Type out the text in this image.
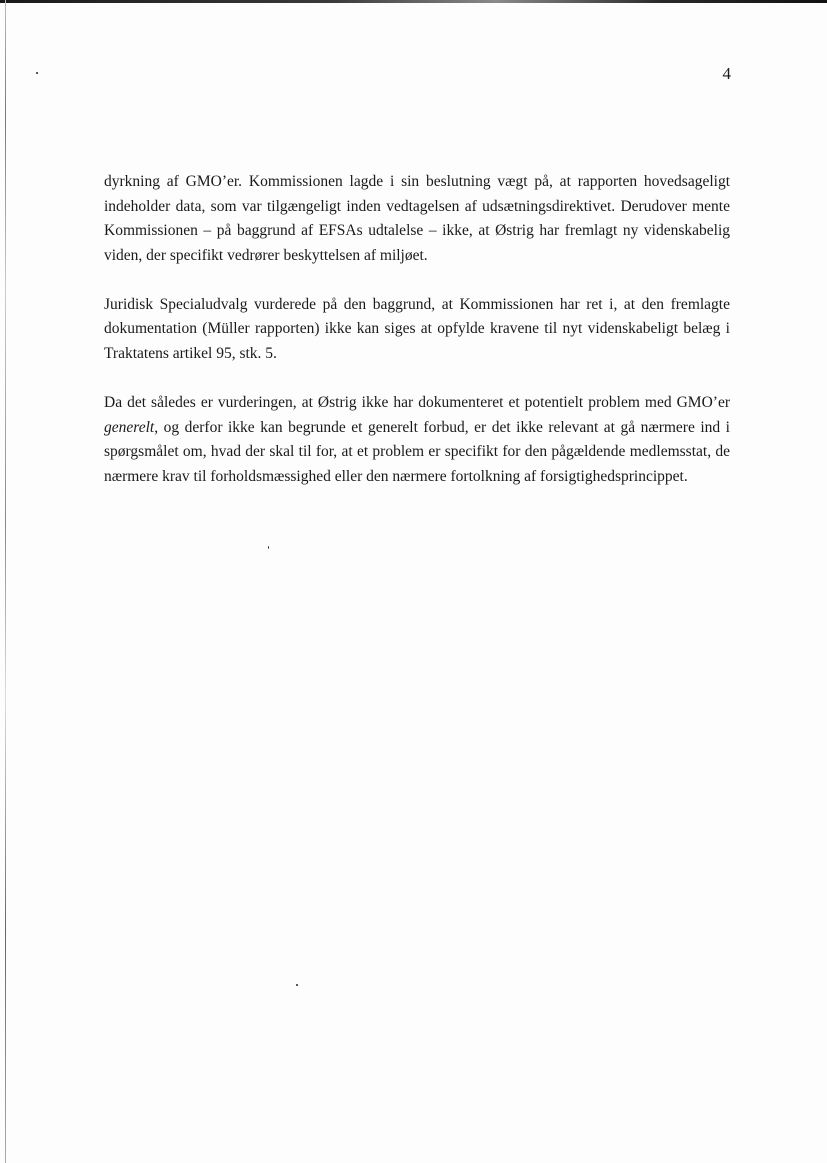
4

dyrkning af GMO’er. Kommissionen lagde i sin beslutning vægt på, at rapporten hovedsageligt indeholder data, som var tilgængeligt inden vedtagelsen af udsætningsdirektivet. Derudover mente Kommissionen – på baggrund af EFSAs udtalelse – ikke, at Østrig har fremlagt ny videnskabelig viden, der specifikt vedrører beskyttelsen af miljøet.

Juridisk Specialudvalg vurderede på den baggrund, at Kommissionen har ret i, at den fremlagte dokumentation (Müller rapporten) ikke kan siges at opfylde kravene til nyt videnskabeligt belæg i Traktatens artikel 95, stk. 5.

Da det således er vurderingen, at Østrig ikke har dokumenteret et potentielt problem med GMO’er generelt, og derfor ikke kan begrunde et generelt forbud, er det ikke relevant at gå nærmere ind i spørgsmålet om, hvad der skal til for, at et problem er specifikt for den pågældende medlemsstat, de nærmere krav til forholdsmæssighed eller den nærmere fortolkning af forsigtighedsprincippet.
